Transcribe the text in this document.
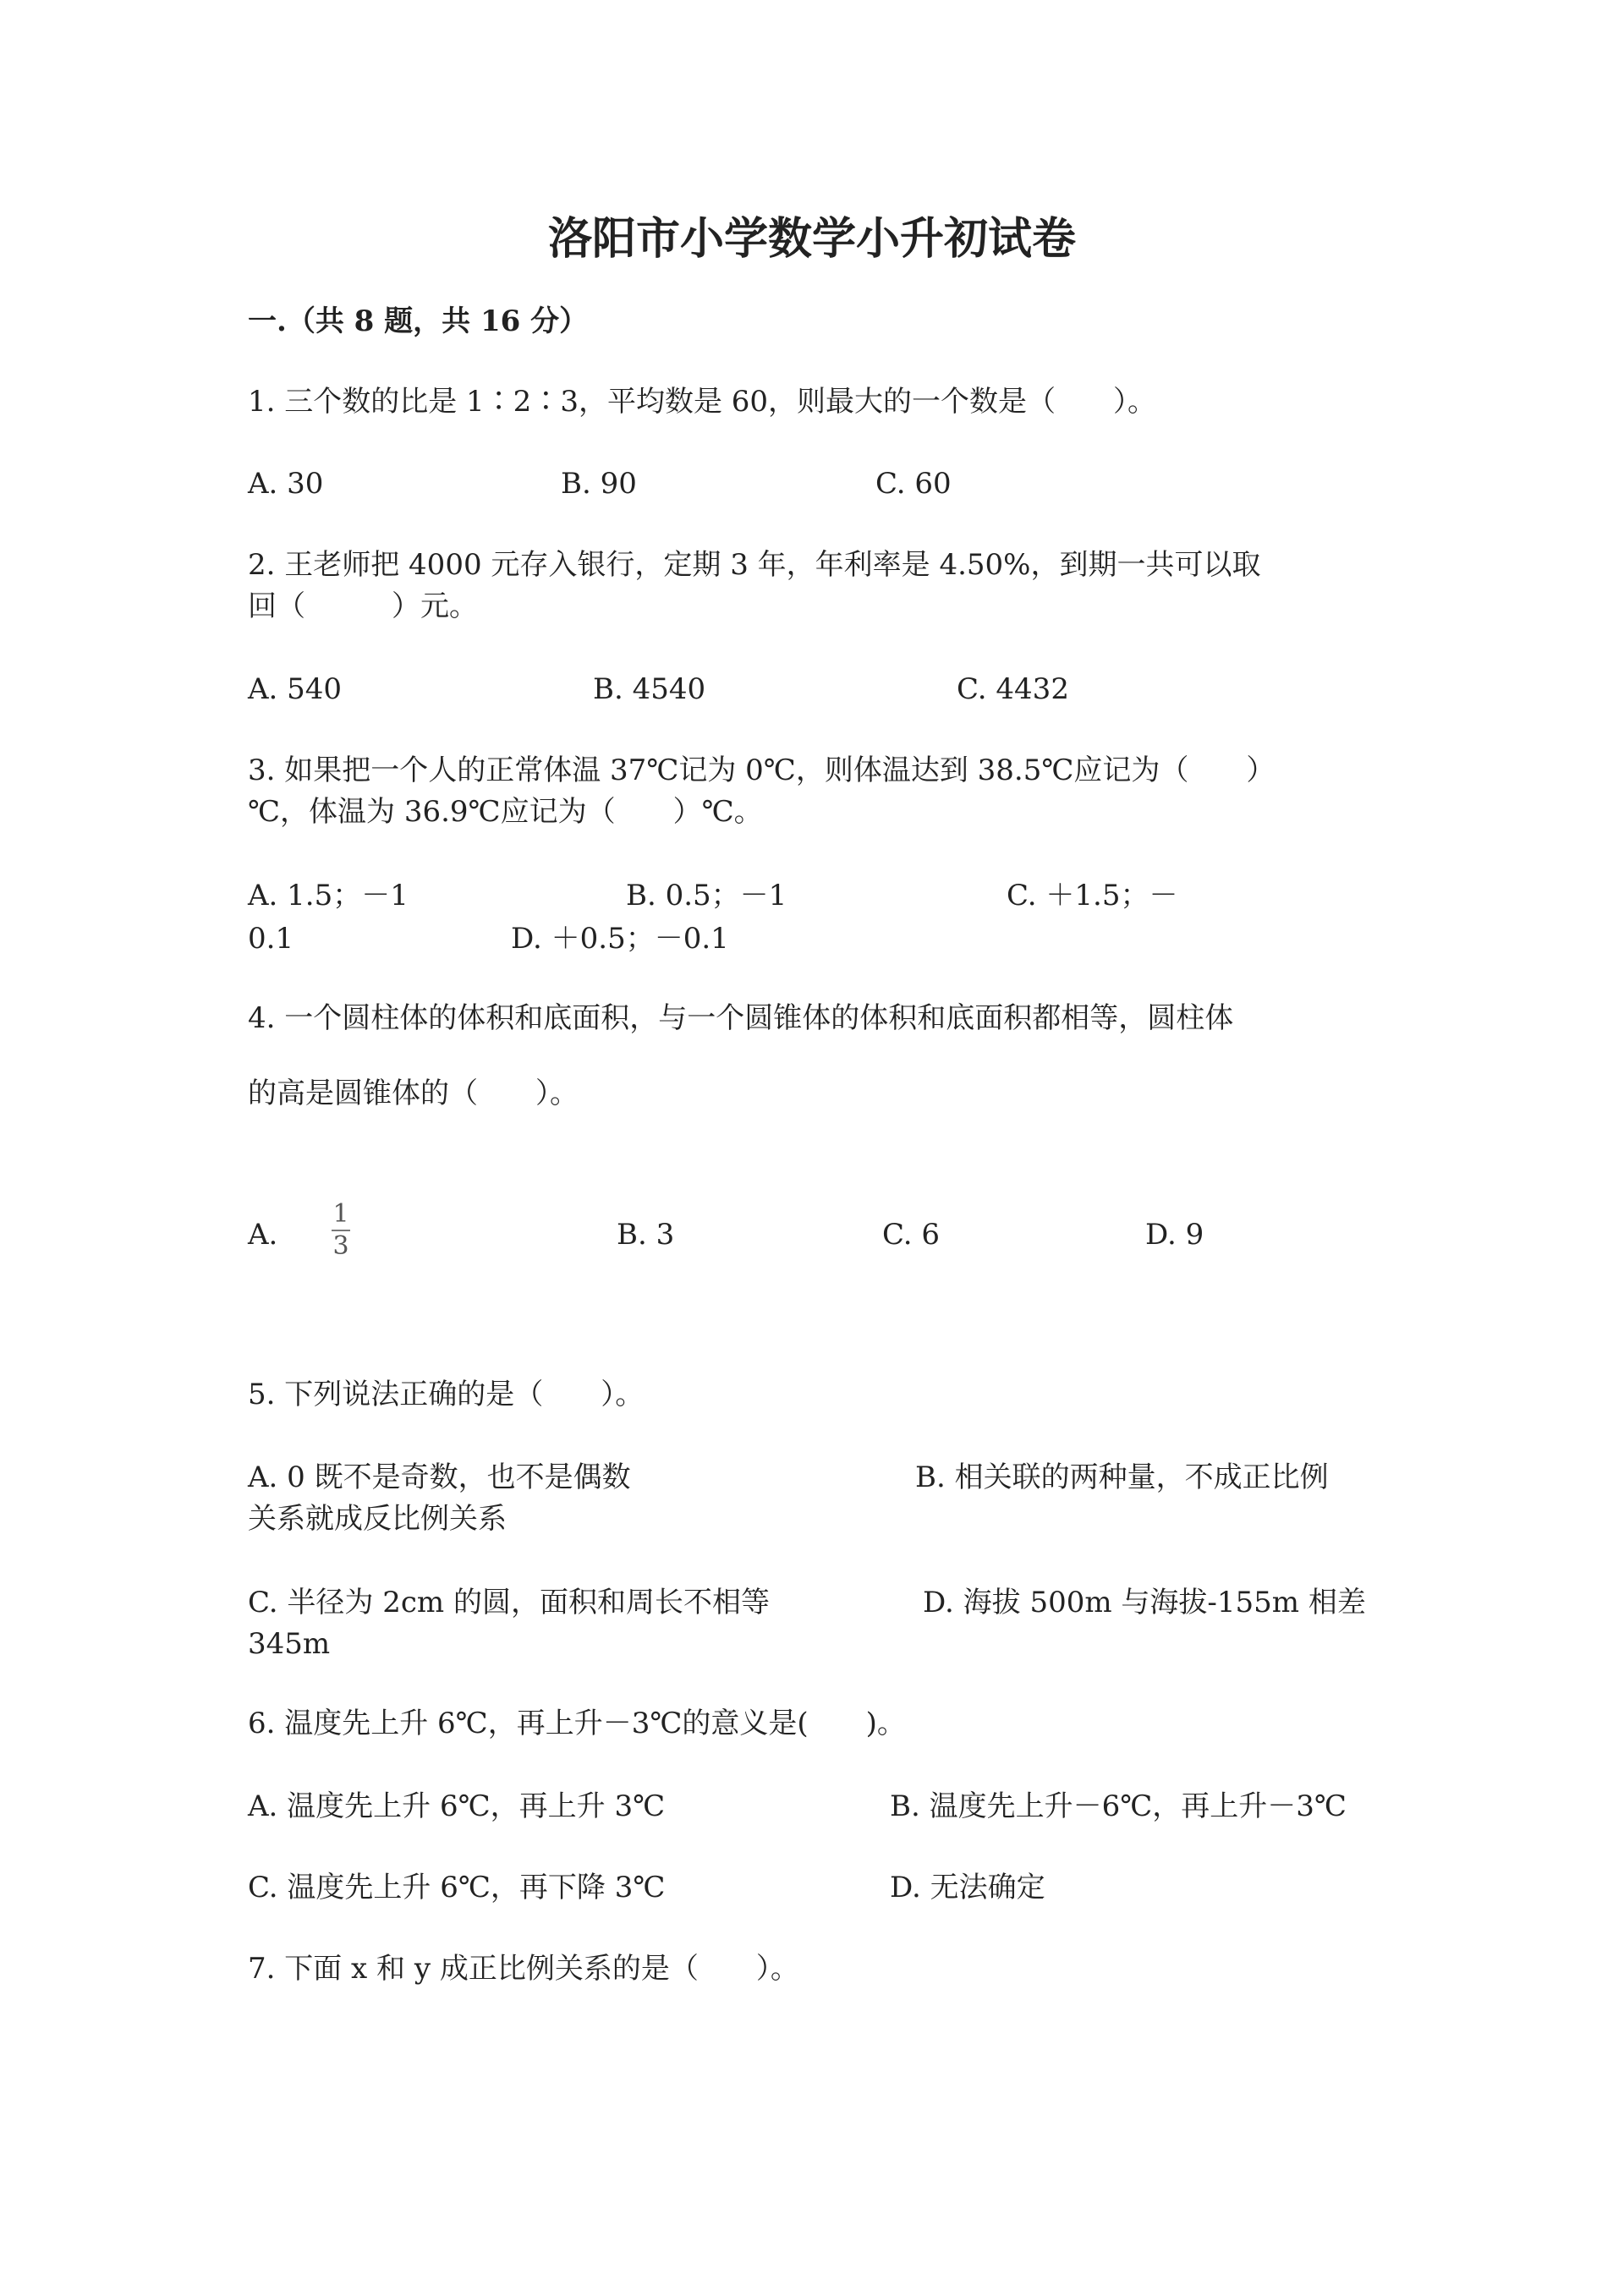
洛阳市小学数学小升初试卷
一.（共 8 题，共 16 分）
1. 三个数的比是 1∶2∶3，平均数是 60，则最大的一个数是（　　）。
A. 30	B. 90	C. 60
2. 王老师把 4000 元存入银行，定期 3 年，年利率是 4.50%，到期一共可以取
回（　　　）元。
A. 540	B. 4540	C. 4432
3. 如果把一个人的正常体温 37℃记为 0℃，则体温达到 38.5℃应记为（　　）
℃，体温为 36.9℃应记为（　　）℃。
A. 1.5；－1	B. 0.5；－1	C. ＋1.5；－
0.1	D. ＋0.5；－0.1
4. 一个圆柱体的体积和底面积，与一个圆锥体的体积和底面积都相等，圆柱体
的高是圆锥体的（　　）。
A.
1
3	B. 3	C. 6	D. 9
5. 下列说法正确的是（　　）。
A. 0 既不是奇数，也不是偶数	B. 相关联的两种量，不成正比例
关系就成反比例关系
C. 半径为 2cm 的圆，面积和周长不相等	D. 海拔 500m 与海拔-155m 相差
345m
6. 温度先上升 6℃，再上升－3℃的意义是(　　)。
A. 温度先上升 6℃，再上升 3℃	B. 温度先上升－6℃，再上升－3℃
C. 温度先上升 6℃，再下降 3℃	D. 无法确定
7. 下面 x 和 y 成正比例关系的是（　　）。
